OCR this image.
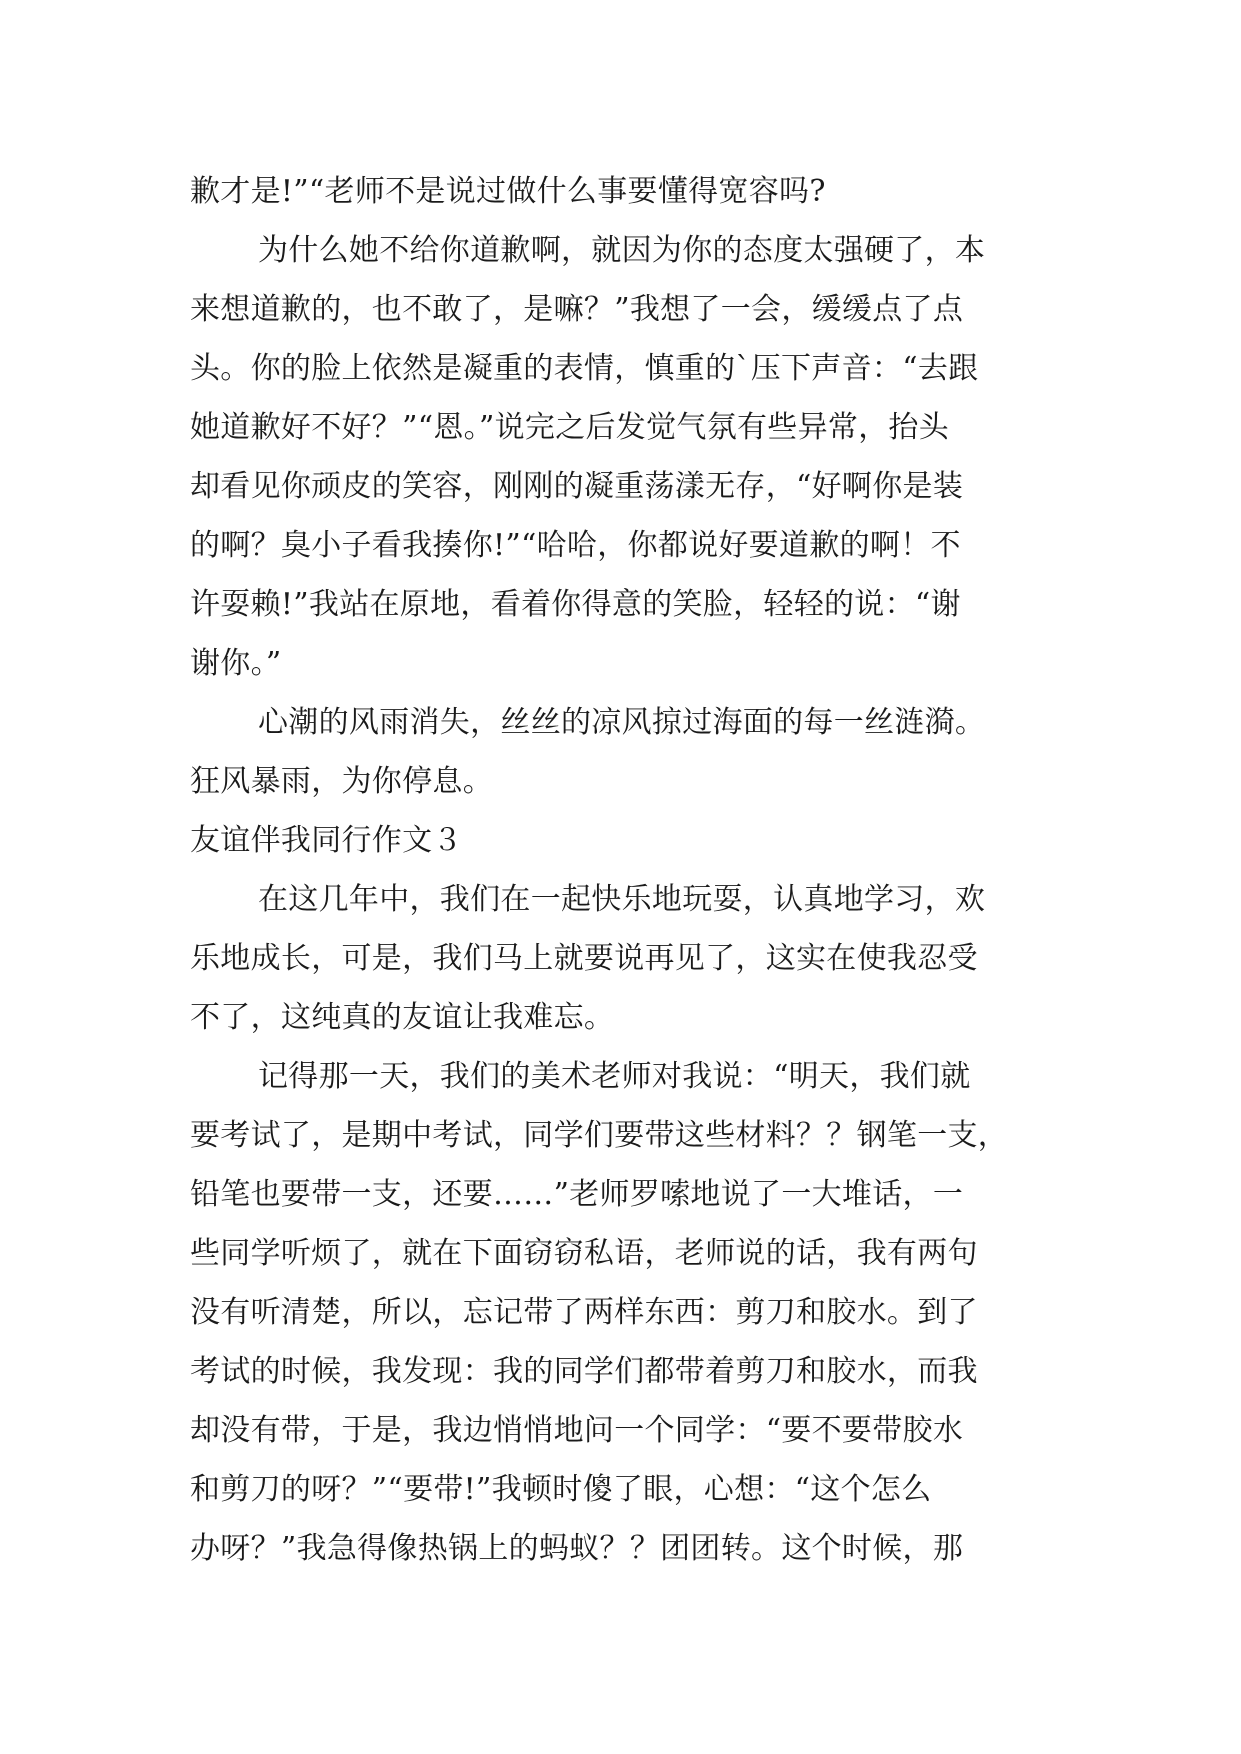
歉才是!”“老师不是说过做什么事要懂得宽容吗?
为什么她不给你道歉啊，就因为你的态度太强硬了，本
来想道歉的，也不敢了，是嘛？”我想了一会，缓缓点了点
头。你的脸上依然是凝重的表情，慎重的`压下声音：“去跟
她道歉好不好？”“恩。”说完之后发觉气氛有些异常，抬头
却看见你顽皮的笑容，刚刚的凝重荡漾无存，“好啊你是装
的啊？臭小子看我揍你!”“哈哈，你都说好要道歉的啊！不
许耍赖!”我站在原地，看着你得意的笑脸，轻轻的说：“谢
谢你。”
心潮的风雨消失，丝丝的凉风掠过海面的每一丝涟漪。
狂风暴雨，为你停息。
友谊伴我同行作文３
在这几年中，我们在一起快乐地玩耍，认真地学习，欢
乐地成长，可是，我们马上就要说再见了，这实在使我忍受
不了，这纯真的友谊让我难忘。
记得那一天，我们的美术老师对我说：“明天，我们就
要考试了，是期中考试，同学们要带这些材料？？钢笔一支，
铅笔也要带一支，还要……”老师罗嗦地说了一大堆话，一
些同学听烦了，就在下面窃窃私语，老师说的话，我有两句
没有听清楚，所以，忘记带了两样东西：剪刀和胶水。到了
考试的时候，我发现：我的同学们都带着剪刀和胶水，而我
却没有带，于是，我边悄悄地问一个同学：“要不要带胶水
和剪刀的呀？”“要带!”我顿时傻了眼，心想：“这个怎么
办呀？”我急得像热锅上的蚂蚁？？团团转。这个时候，那
